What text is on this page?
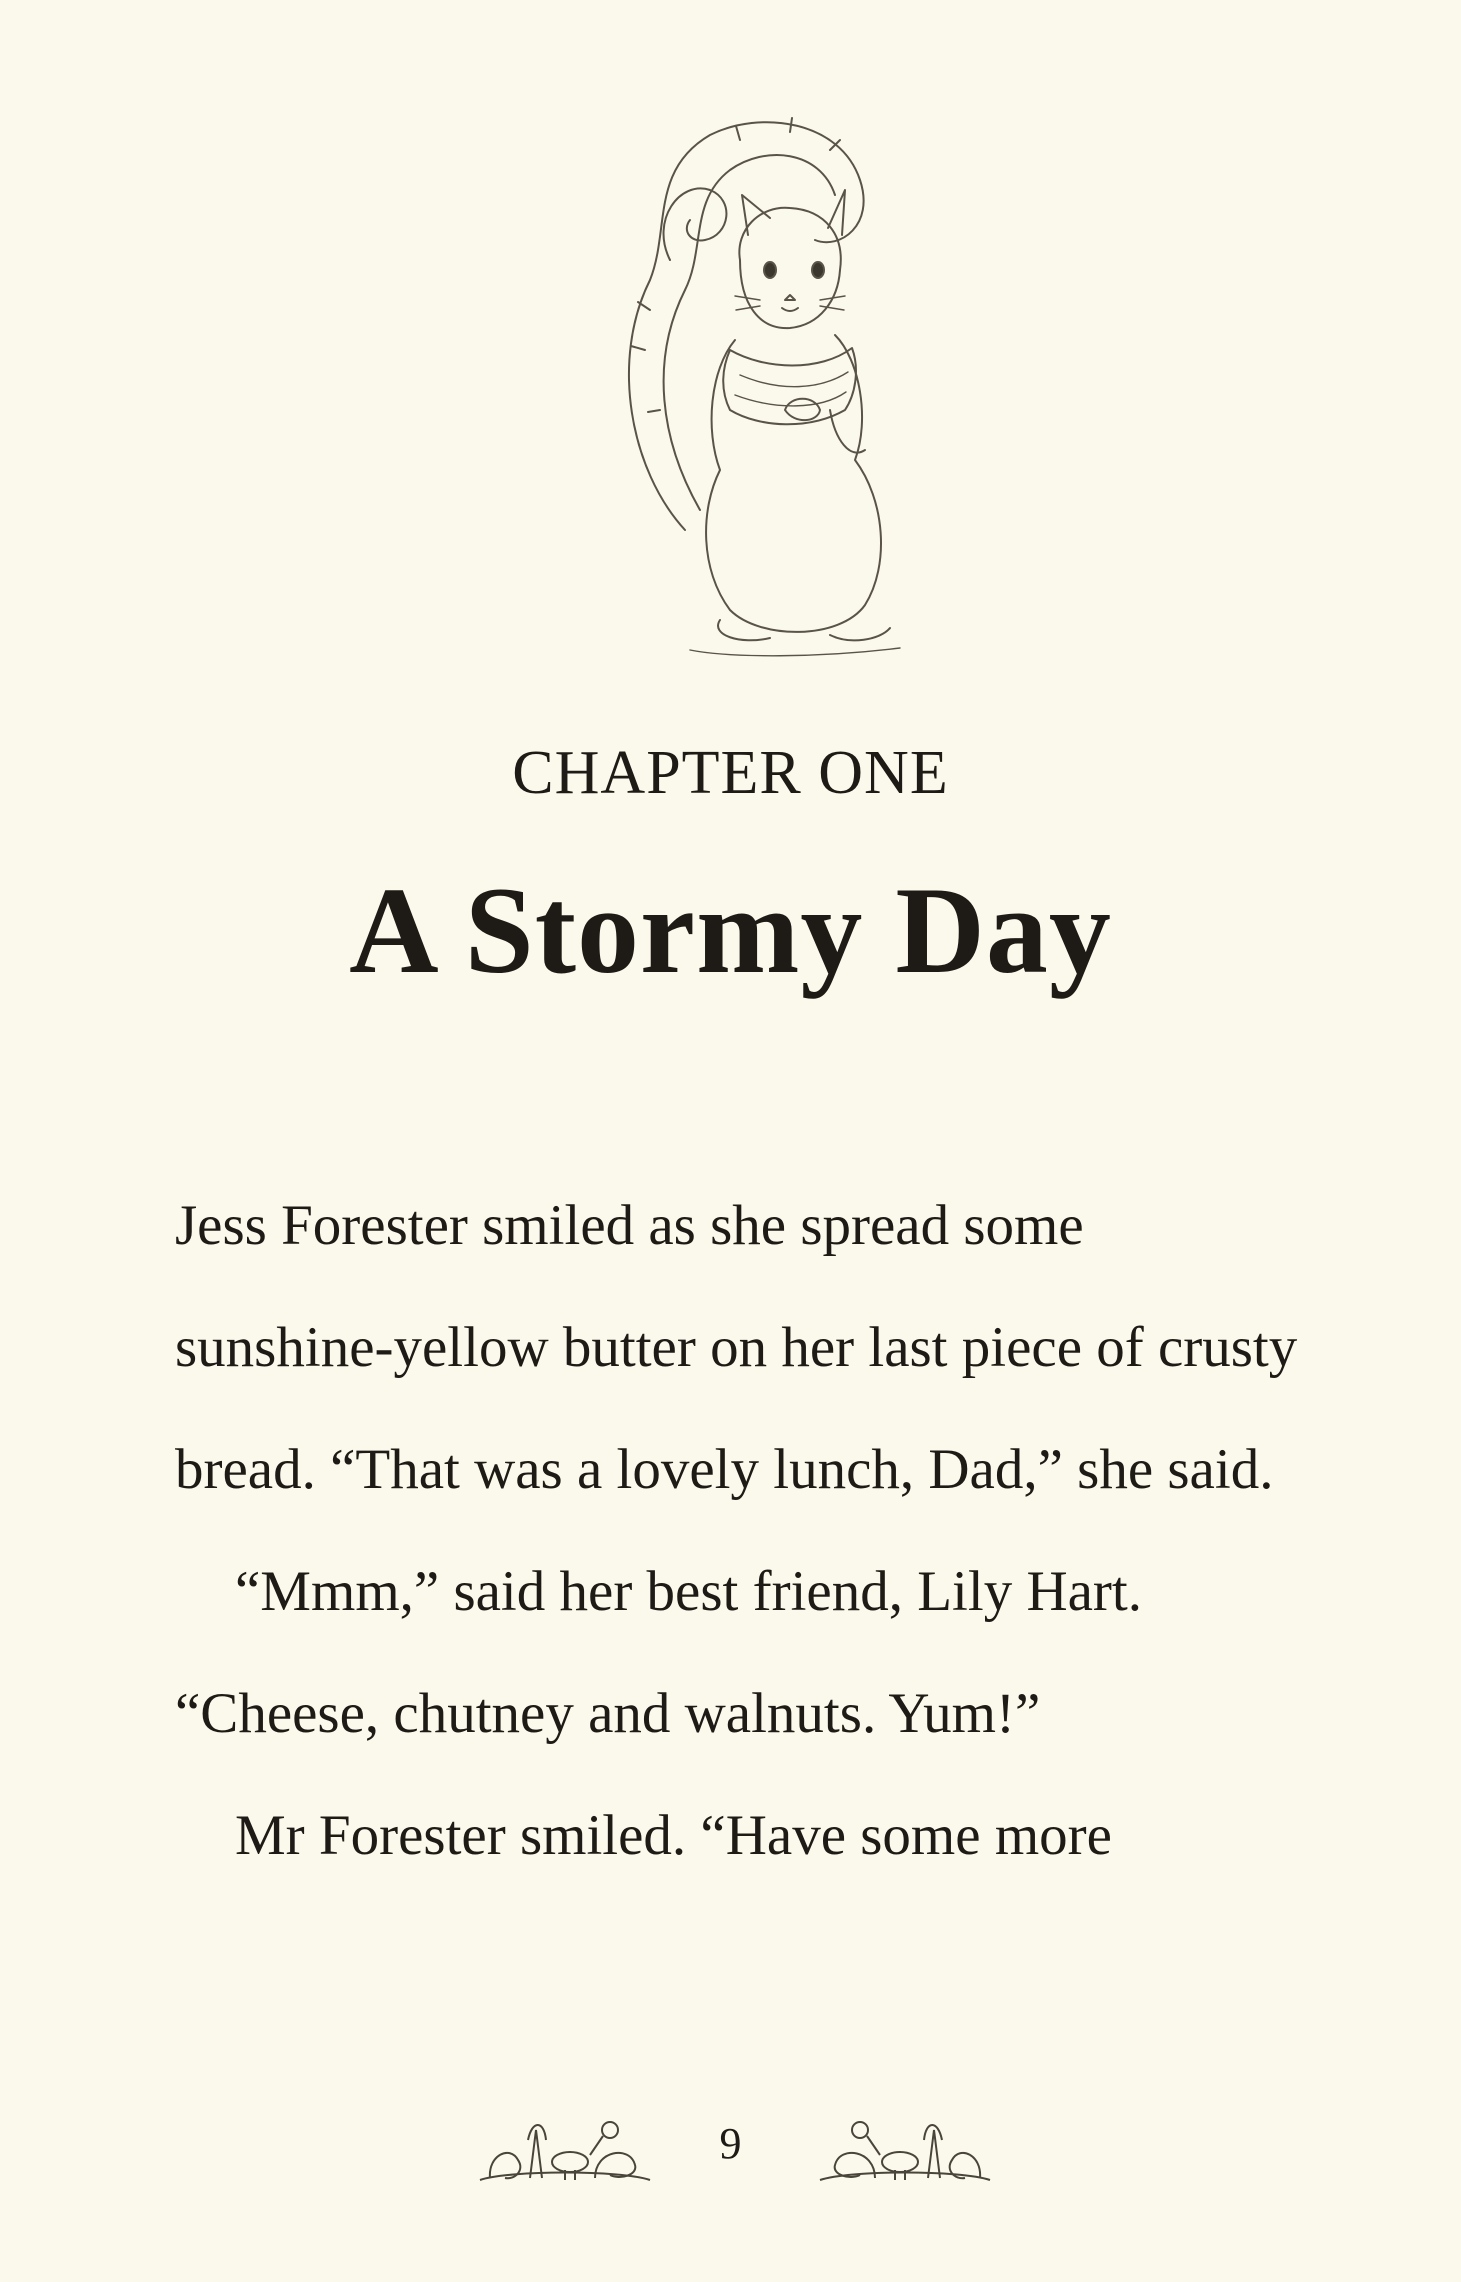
CHAPTER ONE
A Stormy Day

Jess Forester smiled as she spread some sunshine-yellow butter on her last piece of crusty bread. “That was a lovely lunch, Dad,” she said.

“Mmm,” said her best friend, Lily Hart. “Cheese, chutney and walnuts. Yum!”

Mr Forester smiled. “Have some more

9
